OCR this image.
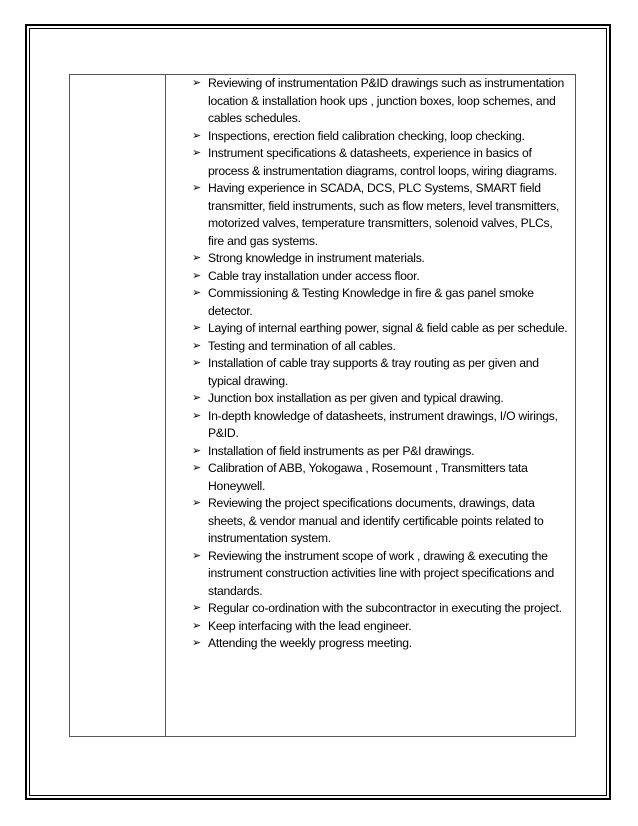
➢ Reviewing of instrumentation P&ID drawings such as instrumentation location & installation hook ups , junction boxes, loop schemes, and cables schedules.
➢ Inspections, erection field calibration checking, loop checking.
➢ Instrument specifications & datasheets, experience in basics of process & instrumentation diagrams, control loops, wiring diagrams.
➢ Having experience in SCADA, DCS, PLC Systems, SMART field transmitter, field instruments, such as flow meters, level transmitters, motorized valves, temperature transmitters, solenoid valves, PLCs, fire and gas systems.
➢ Strong knowledge in instrument materials.
➢ Cable tray installation under access floor.
➢ Commissioning & Testing Knowledge in fire & gas panel smoke detector.
➢ Laying of internal earthing power, signal & field cable as per schedule.
➢ Testing and termination of all cables.
➢ Installation of cable tray supports & tray routing as per given and typical drawing.
➢ Junction box installation as per given and typical drawing.
➢ In-depth knowledge of datasheets, instrument drawings, I/O wirings, P&ID.
➢ Installation of field instruments as per P&I drawings.
➢ Calibration of ABB, Yokogawa , Rosemount , Transmitters tata Honeywell.
➢ Reviewing the project specifications documents, drawings, data sheets, & vendor manual and identify certificable points related to instrumentation system.
➢ Reviewing the instrument scope of work , drawing & executing the instrument construction activities line with project specifications and standards.
➢ Regular co-ordination with the subcontractor in executing the project.
➢ Keep interfacing with the lead engineer.
➢ Attending the weekly progress meeting.
